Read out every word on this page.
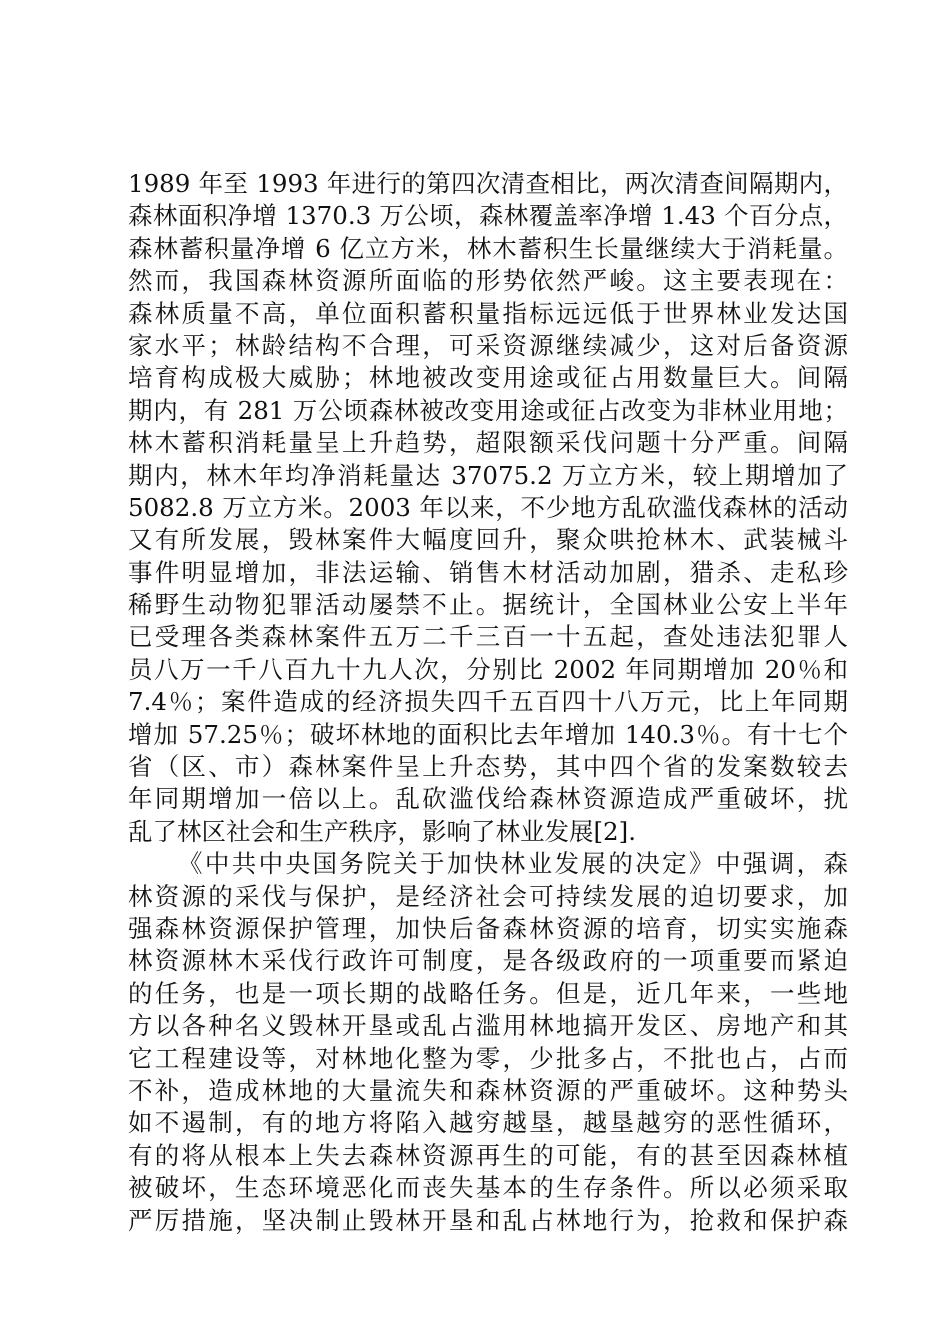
1989 年至 1993 年进行的第四次清查相比，两次清查间隔期内，
森林面积净增 1370.3 万公顷，森林覆盖率净增 1.43 个百分点，
森林蓄积量净增 6 亿立方米，林木蓄积生长量继续大于消耗量。
然而，我国森林资源所面临的形势依然严峻。这主要表现在：
森林质量不高，单位面积蓄积量指标远远低于世界林业发达国
家水平；林龄结构不合理，可采资源继续减少，这对后备资源
培育构成极大威胁；林地被改变用途或征占用数量巨大。间隔
期内，有 281 万公顷森林被改变用途或征占改变为非林业用地；
林木蓄积消耗量呈上升趋势，超限额采伐问题十分严重。间隔
期内，林木年均净消耗量达 37075.2 万立方米，较上期增加了
5082.8 万立方米。2003 年以来，不少地方乱砍滥伐森林的活动
又有所发展，毁林案件大幅度回升，聚众哄抢林木、武装械斗
事件明显增加，非法运输、销售木材活动加剧，猎杀、走私珍
稀野生动物犯罪活动屡禁不止。据统计，全国林业公安上半年
已受理各类森林案件五万二千三百一十五起，查处违法犯罪人
员八万一千八百九十九人次，分别比 2002 年同期增加 20％和
7.4％；案件造成的经济损失四千五百四十八万元，比上年同期
增加 57.25％；破坏林地的面积比去年增加 140.3％。有十七个
省（区、市）森林案件呈上升态势，其中四个省的发案数较去
年同期增加一倍以上。乱砍滥伐给森林资源造成严重破坏，扰
乱了林区社会和生产秩序，影响了林业发展[2].
《中共中央国务院关于加快林业发展的决定》中强调，森
林资源的采伐与保护，是经济社会可持续发展的迫切要求，加
强森林资源保护管理，加快后备森林资源的培育，切实实施森
林资源林木采伐行政许可制度，是各级政府的一项重要而紧迫
的任务，也是一项长期的战略任务。但是，近几年来，一些地
方以各种名义毁林开垦或乱占滥用林地搞开发区、房地产和其
它工程建设等，对林地化整为零，少批多占，不批也占，占而
不补，造成林地的大量流失和森林资源的严重破坏。这种势头
如不遏制，有的地方将陷入越穷越垦，越垦越穷的恶性循环，
有的将从根本上失去森林资源再生的可能，有的甚至因森林植
被破坏，生态环境恶化而丧失基本的生存条件。所以必须采取
严厉措施，坚决制止毁林开垦和乱占林地行为，抢救和保护森
